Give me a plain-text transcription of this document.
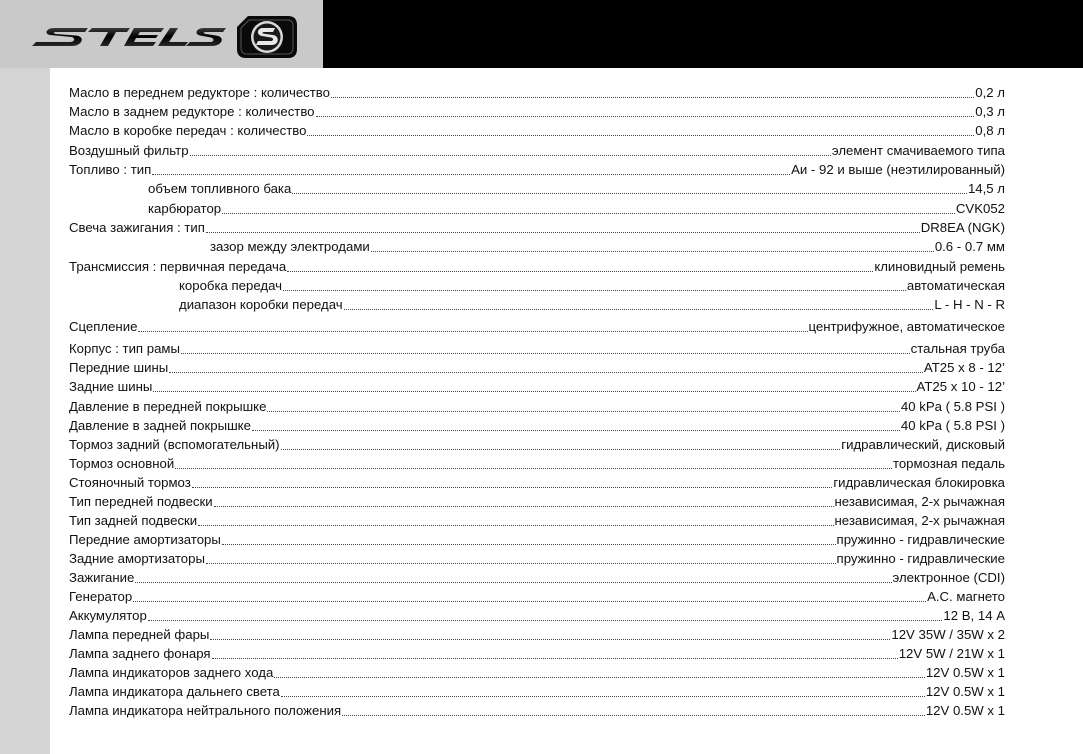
Масло в переднем редукторе : количество	0,2 л
Масло в заднем редукторе : количество	0,3 л
Масло в коробке передач : количество	0,8 л
Воздушный фильтр	элемент смачиваемого типа
Топливо : тип	Аи - 92 и выше (неэтилированный)
объем топливного бака	14,5 л
карбюратор	CVK052
Свеча зажигания : тип	DR8EA (NGK)
зазор между электродами	0.6 - 0.7 мм
Трансмиссия : первичная передача	клиновидный ремень
коробка передач	автоматическая
диапазон коробки передач	L - H - N - R
Сцепление	центрифужное, автоматическое
Корпус : тип рамы	стальная труба
Передние шины	AT25 x 8 - 12’
Задние шины	AT25 x 10 - 12’
Давление в передней покрышке	40 kPa ( 5.8 PSI )
Давление в задней покрышке	40 kPa ( 5.8 PSI )
Тормоз задний (вспомогательный)	гидравлический, дисковый
Тормоз основной	тормозная педаль
Стояночный тормоз	гидравлическая блокировка
Тип передней подвески	независимая, 2-х рычажная
Тип задней подвески	независимая, 2-х рычажная
Передние амортизаторы	пружинно - гидравлические
Задние амортизаторы	пружинно - гидравлические
Зажигание	электронное (CDI)
Генератор	A.C. магнето
Аккумулятор	12 В, 14 А
Лампа передней фары	12V 35W / 35W x 2
Лампа заднего фонаря	12V 5W / 21W x 1
Лампа индикаторов заднего хода	12V 0.5W x 1
Лампа индикатора дальнего света	12V 0.5W x 1
Лампа индикатора нейтрального положения	12V 0.5W x 1
